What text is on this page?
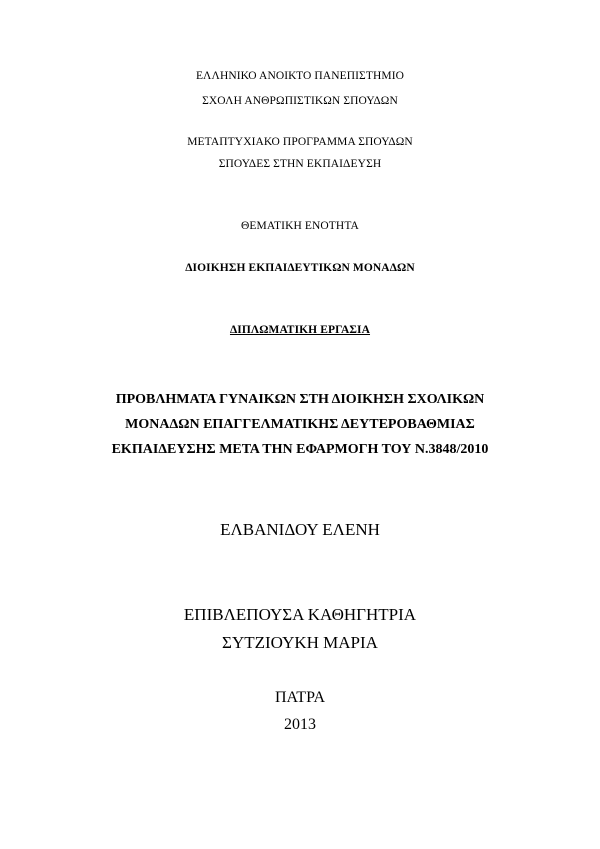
ΕΛΛΗΝΙΚΟ ΑΝΟΙΚΤΟ ΠΑΝΕΠΙΣΤΗΜΙΟ
ΣΧΟΛΗ ΑΝΘΡΩΠΙΣΤΙΚΩΝ ΣΠΟΥΔΩΝ
ΜΕΤΑΠΤΥΧΙΑΚΟ ΠΡΟΓΡΑΜΜΑ ΣΠΟΥΔΩΝ
ΣΠΟΥΔΕΣ ΣΤΗΝ ΕΚΠΑΙΔΕΥΣΗ
ΘΕΜΑΤΙΚΗ ΕΝΟΤΗΤΑ
ΔΙΟΙΚΗΣΗ ΕΚΠΑΙΔΕΥΤΙΚΩΝ ΜΟΝΑΔΩΝ
ΔΙΠΛΩΜΑΤΙΚΗ ΕΡΓΑΣΙΑ
ΠΡΟΒΛΗΜΑΤΑ ΓΥΝΑΙΚΩΝ ΣΤΗ ΔΙΟΙΚΗΣΗ ΣΧΟΛΙΚΩΝ
ΜΟΝΑΔΩΝ ΕΠΑΓΓΕΛΜΑΤΙΚΗΣ ΔΕΥΤΕΡΟΒΑΘΜΙΑΣ
ΕΚΠΑΙΔΕΥΣΗΣ ΜΕΤΑ ΤΗΝ ΕΦΑΡΜΟΓΗ ΤΟΥ Ν.3848/2010
ΕΛΒΑΝΙΔΟΥ ΕΛΕΝΗ
ΕΠΙΒΛΕΠΟΥΣΑ ΚΑΘΗΓΗΤΡΙΑ
ΣΥΤΖΙΟΥΚΗ ΜΑΡΙΑ
ΠΑΤΡΑ
2013
